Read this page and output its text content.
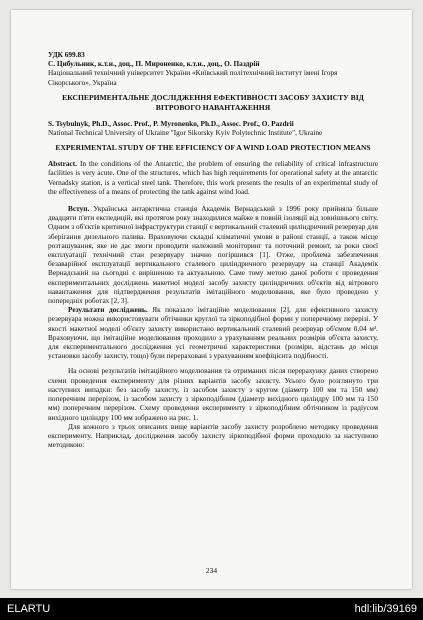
УДК 699.83
С. Цибульник, к.т.н., доц., П. Мироненко, к.т.н., доц., О. Паздрій
Національний технічний університет України «Київський політехнічний інститут імені Ігоря Сікорського», Україна
ЕКСПЕРИМЕНТАЛЬНЕ ДОСЛІДЖЕННЯ ЕФЕКТИВНОСТІ ЗАСОБУ ЗАХИСТУ ВІД ВІТРОВОГО НАВАНТАЖЕННЯ
S. Tsybulnyk, Ph.D., Assoc. Prof., P. Myronenko, Ph.D., Assoc. Prof., O. Pazdrii
National Technical University of Ukraine "Igor Sikorsky Kyiv Polytechnic Institute", Ukraine
EXPERIMENTAL STUDY OF THE EFFICIENCY OF A WIND LOAD PROTECTION MEANS
Abstract. In the conditions of the Antarctic, the problem of ensuring the reliability of critical infrastructure facilities is very acute. One of the structures, which has high requirements for operational safety at the antarctic Vernadsky station, is a vertical steel tank. Therefore, this work presents the results of an experimental study of the effectiveness of a means of protecting the tank against wind load.
Вступ. Українська антарктична станція Академік Вернадський з 1996 року прийняла більше двадцяти п'яти експедицій, які протягом року знаходилися майже в повній ізоляції від зовнішнього світу. Одним з об'єктів критичної інфраструктури станції є вертикальний сталевий циліндричний резервуар для зберігання дизельного палива. Враховуючи складні кліматичні умови в районі станції, а також місце розташування, яке не дає змоги проводити належний моніторинг та поточний ремонт, за роки своєї експлуатації технічний стан резервуару значно погіршився [1]. Отже, проблема забезпечення безаварійної експлуатації вертикального сталевого циліндричного резервуару на станції Академік Вернадський на сьогодні є вирішеною та актуальною. Саме тому метою даної роботи є проведення експериментальних досліджень макетної моделі засобу захисту циліндричних об'єктів від вітрового навантаження для підтвердження результатів імітаційного моделювання, яке було проведено у попередніх роботах [2, 3].
Результати досліджень. Як показало імітаційне моделювання [2], для ефективного захисту резервуара можна використовувати обтічники круглої та зіркоподібної форми у поперечному перерізі. У якості макетної моделі об'єкту захисту використано вертикальний сталевий резервуар об'ємом 0,04 м³. Враховуючи, що імітаційне моделювання проходило з урахуванням реальних розмірів об'єкта захисту, для експериментального дослідження усі геометричні характеристики (розміри, відстань до місця установки засобу захисту, тощо) були перераховані з урахуванням коефіцієнта подібності.
На основі результатів імітаційного моделювання та отриманих після перерахунку даних створено схеми проведення експерименту для різних варіантів засобу захисту. Усього було розглянуто три наступних випадки: без засобу захисту, із засобом захисту з кругом (діаметр 100 мм та 150 мм) поперечним перерізом, із засобом захисту з зіркоподібним (діаметр вихідного циліндру 100 мм та 150 мм) поперечним перерізом. Схему проведення експерименту з зіркоподібним обтічником із радіусом вихідного циліндру 100 мм зображено на рис. 1.
Для кожного з трьох описаних вище варіантів засобу захисту розроблено методику проведення експерименту. Наприклад, дослідження засобу захисту зіркоподібної форми проходило за наступною методикою:
234
ELARTU	hdl:lib/39169
